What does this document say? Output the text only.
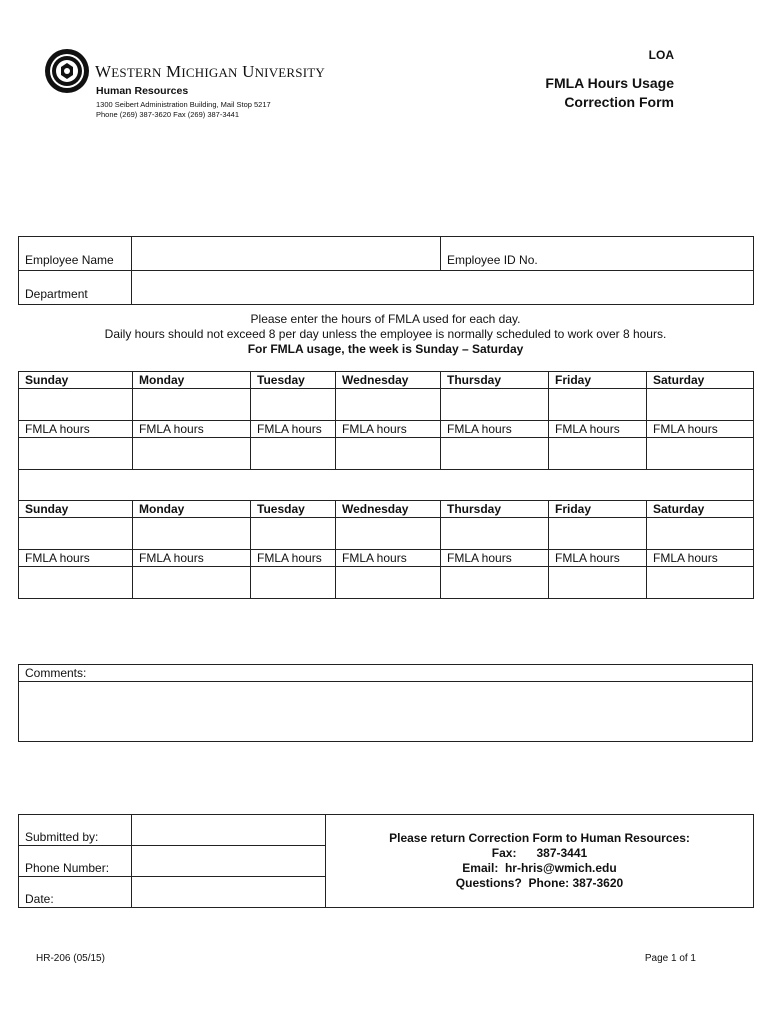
WESTERN MICHIGAN UNIVERSITY
Human Resources
1300 Seibert Administration Building, Mail Stop 5217
Phone (269) 387-3620 Fax (269) 387-3441
LOA
FMLA Hours Usage
Correction Form
Employee Name		Employee ID No.
Department		
Please enter the hours of FMLA used for each day.
Daily hours should not exceed 8 per day unless the employee is normally scheduled to work over 8 hours.
For FMLA usage, the week is Sunday – Saturday
Sunday	Monday	Tuesday	Wednesday	Thursday	Friday	Saturday

FMLA hours	FMLA hours	FMLA hours	FMLA hours	FMLA hours	FMLA hours	FMLA hours

Sunday	Monday	Tuesday	Wednesday	Thursday	Friday	Saturday

FMLA hours	FMLA hours	FMLA hours	FMLA hours	FMLA hours	FMLA hours	FMLA hours

Comments:

Submitted by:		Please return Correction Form to Human Resources:
Fax:      387-3441
Email:  hr-hris@wmich.edu
Questions?  Phone: 387-3620

Phone Number:		

Date:		
HR-206 (05/15)	Page 1 of 1
